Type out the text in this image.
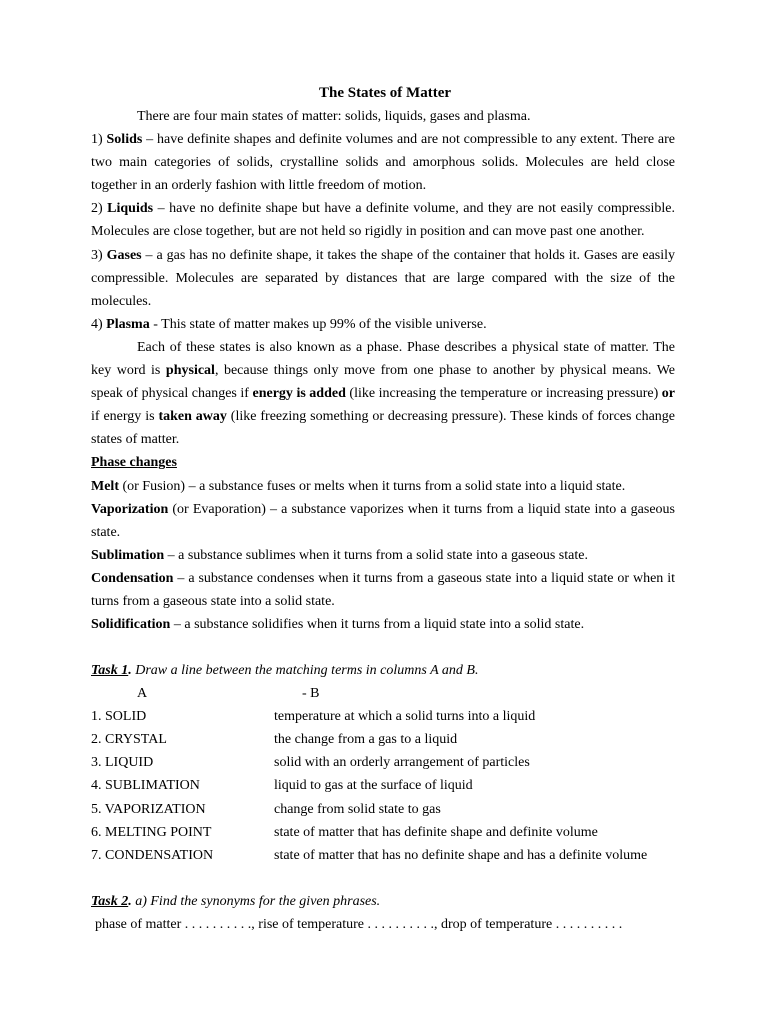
The States of Matter

There are four main states of matter: solids, liquids, gases and plasma.

1) Solids – have definite shapes and definite volumes and are not compressible to any extent. There are two main categories of solids, crystalline solids and amorphous solids. Molecules are held close together in an orderly fashion with little freedom of motion.

2) Liquids – have no definite shape but have a definite volume, and they are not easily compressible. Molecules are close together, but are not held so rigidly in position and can move past one another.

3) Gases – a gas has no definite shape, it takes the shape of the container that holds it. Gases are easily compressible. Molecules are separated by distances that are large compared with the size of the molecules.

4) Plasma - This state of matter makes up 99% of the visible universe.

Each of these states is also known as a phase. Phase describes a physical state of matter. The key word is physical, because things only move from one phase to another by physical means. We speak of physical changes if energy is added (like increasing the temperature or increasing pressure) or if energy is taken away (like freezing something or decreasing pressure). These kinds of forces change states of matter.

Phase changes

Melt (or Fusion) – a substance fuses or melts when it turns from a solid state into a liquid state.

Vaporization (or Evaporation) – a substance vaporizes when it turns from a liquid state into a gaseous state.

Sublimation – a substance sublimes when it turns from a solid state into a gaseous state.

Condensation – a substance condenses when it turns from a gaseous state into a liquid state or when it turns from a gaseous state into a solid state.

Solidification – a substance solidifies when it turns from a liquid state into a solid state.

Task 1. Draw a line between the matching terms in columns A and B.
A	- B
1. SOLID	temperature at which a solid turns into a liquid
2. CRYSTAL	the change from a gas to a liquid
3. LIQUID	solid with an orderly arrangement of particles
4. SUBLIMATION	liquid to gas at the surface of liquid
5. VAPORIZATION	change from solid state to gas
6. MELTING POINT	state of matter that has definite shape and definite volume
7. CONDENSATION	state of matter that has no definite shape and has a definite volume
Task 2. a) Find the synonyms for the given phrases.
phase of matter . . . . . . . . . ., rise of temperature . . . . . . . . . ., drop of temperature . . . . . . . . . .
